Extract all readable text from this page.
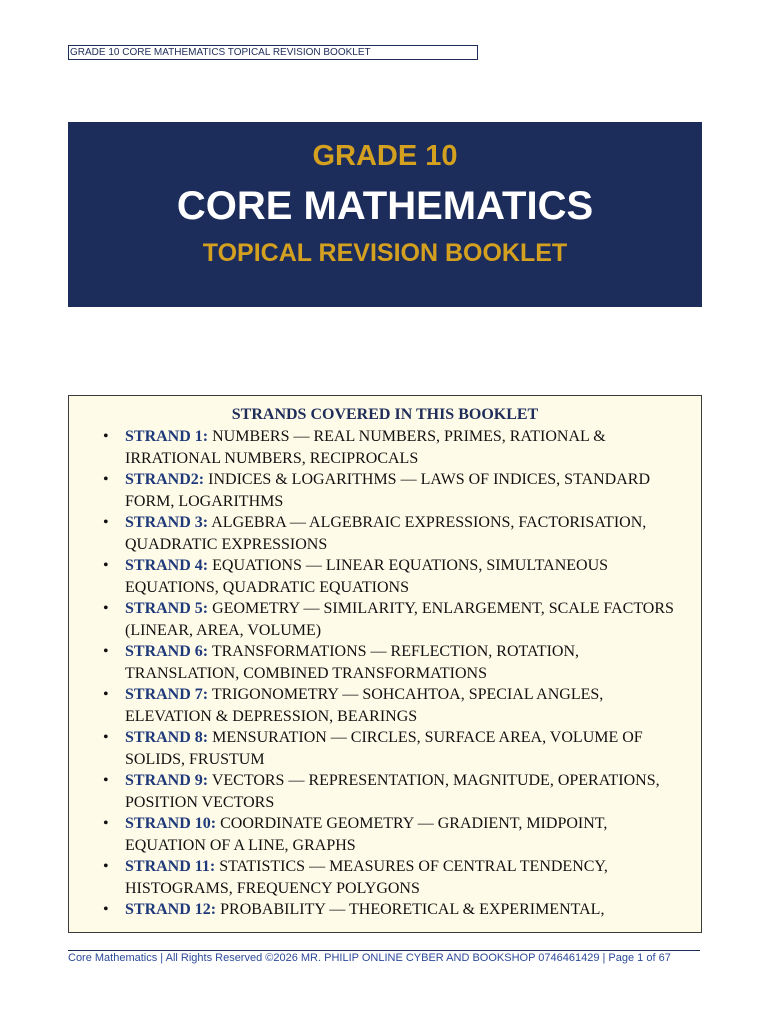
GRADE 10 CORE MATHEMATICS TOPICAL REVISION BOOKLET
GRADE 10
CORE MATHEMATICS
TOPICAL REVISION BOOKLET
STRANDS COVERED IN THIS BOOKLET
• STRAND 1: NUMBERS — REAL NUMBERS, PRIMES, RATIONAL & IRRATIONAL NUMBERS, RECIPROCALS
• STRAND2: INDICES & LOGARITHMS — LAWS OF INDICES, STANDARD FORM, LOGARITHMS
• STRAND 3: ALGEBRA — ALGEBRAIC EXPRESSIONS, FACTORISATION, QUADRATIC EXPRESSIONS
• STRAND 4: EQUATIONS — LINEAR EQUATIONS, SIMULTANEOUS EQUATIONS, QUADRATIC EQUATIONS
• STRAND 5: GEOMETRY — SIMILARITY, ENLARGEMENT, SCALE FACTORS (LINEAR, AREA, VOLUME)
• STRAND 6: TRANSFORMATIONS — REFLECTION, ROTATION, TRANSLATION, COMBINED TRANSFORMATIONS
• STRAND 7: TRIGONOMETRY — SOHCAHTOA, SPECIAL ANGLES, ELEVATION & DEPRESSION, BEARINGS
• STRAND 8: MENSURATION — CIRCLES, SURFACE AREA, VOLUME OF SOLIDS, FRUSTUM
• STRAND 9: VECTORS — REPRESENTATION, MAGNITUDE, OPERATIONS, POSITION VECTORS
• STRAND 10: COORDINATE GEOMETRY — GRADIENT, MIDPOINT, EQUATION OF A LINE, GRAPHS
• STRAND 11: STATISTICS — MEASURES OF CENTRAL TENDENCY, HISTOGRAMS, FREQUENCY POLYGONS
• STRAND 12: PROBABILITY — THEORETICAL & EXPERIMENTAL,
Core Mathematics | All Rights Reserved ©2026 MR. PHILIP ONLINE CYBER AND BOOKSHOP 0746461429 | Page 1 of 67
